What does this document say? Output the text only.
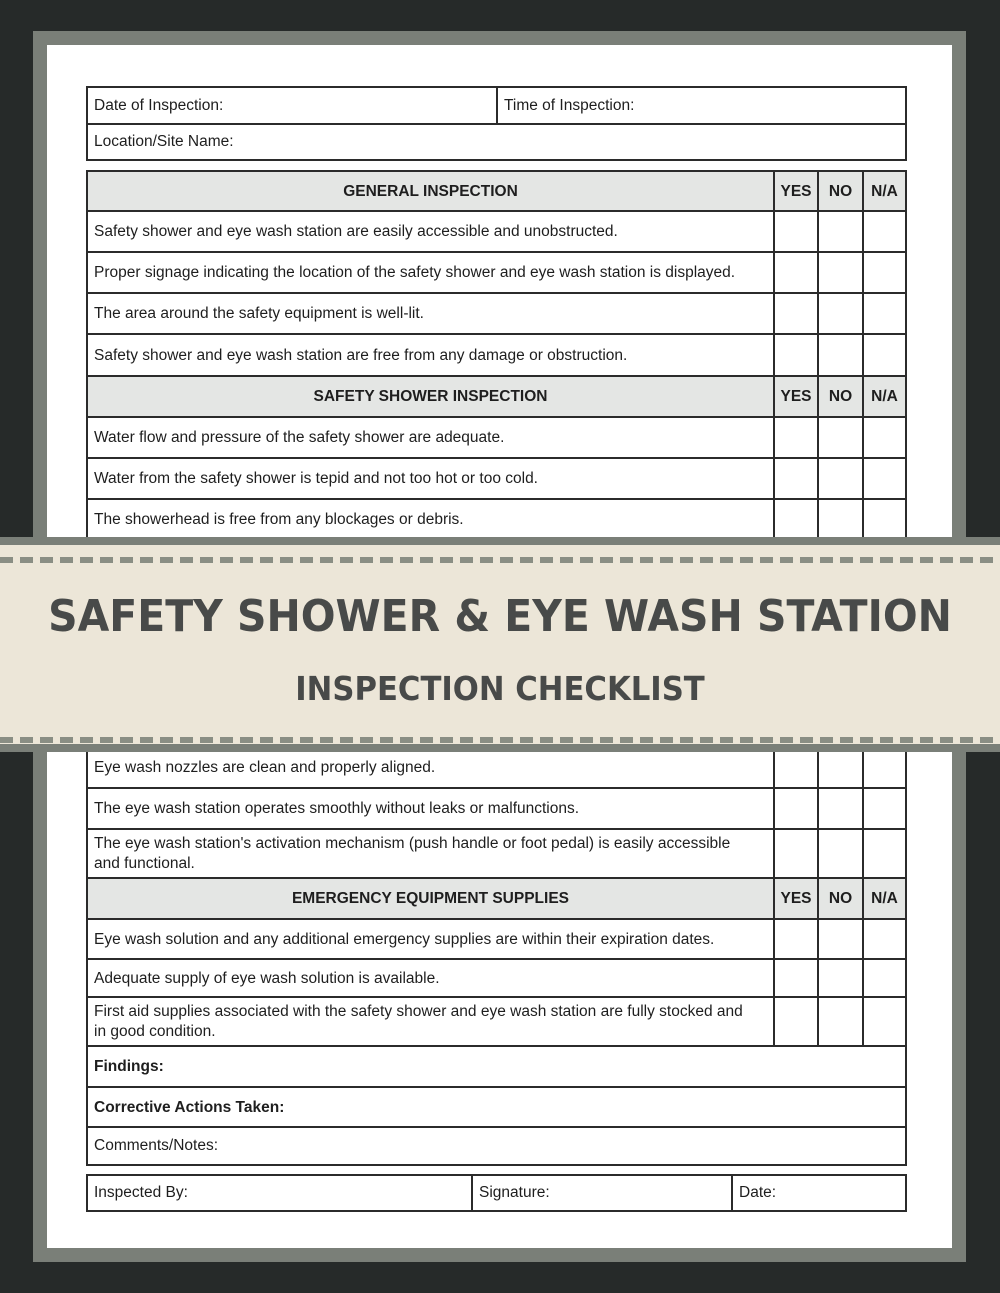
Date of Inspection:	Time of Inspection:
Location/Site Name:
GENERAL INSPECTION	YES	NO	N/A
Safety shower and eye wash station are easily accessible and unobstructed.
Proper signage indicating the location of the safety shower and eye wash station is displayed.
The area around the safety equipment is well-lit.
Safety shower and eye wash station are free from any damage or obstruction.
SAFETY SHOWER INSPECTION	YES	NO	N/A
Water flow and pressure of the safety shower are adequate.
Water from the safety shower is tepid and not too hot or too cold.
The showerhead is free from any blockages or debris.
Eye wash nozzles are clean and properly aligned.
The eye wash station operates smoothly without leaks or malfunctions.
The eye wash station's activation mechanism (push handle or foot pedal) is easily accessible and functional.
EMERGENCY EQUIPMENT SUPPLIES	YES	NO	N/A
Eye wash solution and any additional emergency supplies are within their expiration dates.
Adequate supply of eye wash solution is available.
First aid supplies associated with the safety shower and eye wash station are fully stocked and in good condition.
Findings:
Corrective Actions Taken:
Comments/Notes:
Inspected By:	Signature:	Date:
SAFETY SHOWER & EYE WASH STATION
INSPECTION CHECKLIST
